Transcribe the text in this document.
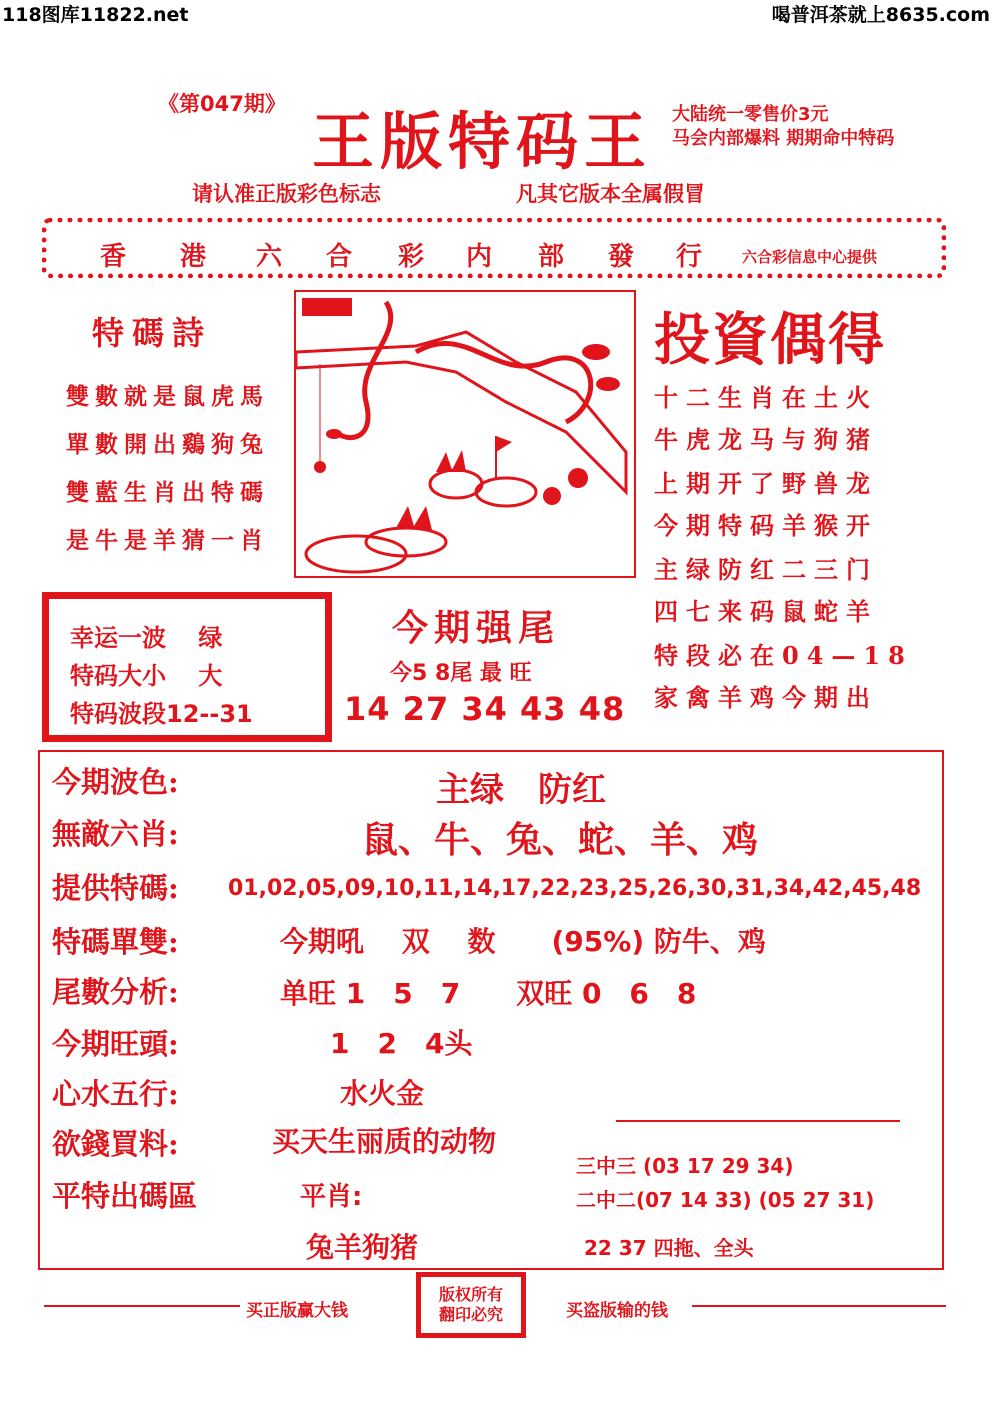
118图库11822.net	喝普洱茶就上8635.com
《第047期》
王版特码王 大陆统一零售价3元
马会内部爆料 期期命中特码
请认准正版彩色标志	凡其它版本全属假冒
香 港 六 合 彩 内 部 發 行	六合彩信息中心提供
特碼詩
雙數就是鼠虎馬
單數開出鷄狗兔
雙藍生肖出特碼
是牛是羊猜一肖
投資偶得
十二生肖在土火
牛虎龙马与狗猪
上期开了野兽龙
今期特码羊猴开
主绿防红二三门
四七来码鼠蛇羊
特段必在04—18
家禽羊鸡今期出
幸运一波　 绿
特码大小　 大
特码波段12--31
今期强尾
今5 8尾 最 旺
14 27 34 43 48
今期波色:	主绿　防红
無敵六肖:	鼠、牛、兔、蛇、羊、鸡
提供特碼: 01,02,05,09,10,11,14,17,22,23,25,26,30,31,34,42,45,48
特碼單雙:	今期吼　 双　 数　　(95%) 防牛、鸡
尾數分析:	单旺 1　5　7　　双旺 0　6　8
今期旺頭:	1　2　4头
心水五行:	水火金
欲錢買料:	买天生丽质的动物
平特出碼區	平肖:
兔羊狗猪
三中三 (03 17 29 34)
二中二(07 14 33) (05 27 31)
22 37 四拖、全头
买正版赢大钱
版权所有
翻印必究	买盗版输的钱
